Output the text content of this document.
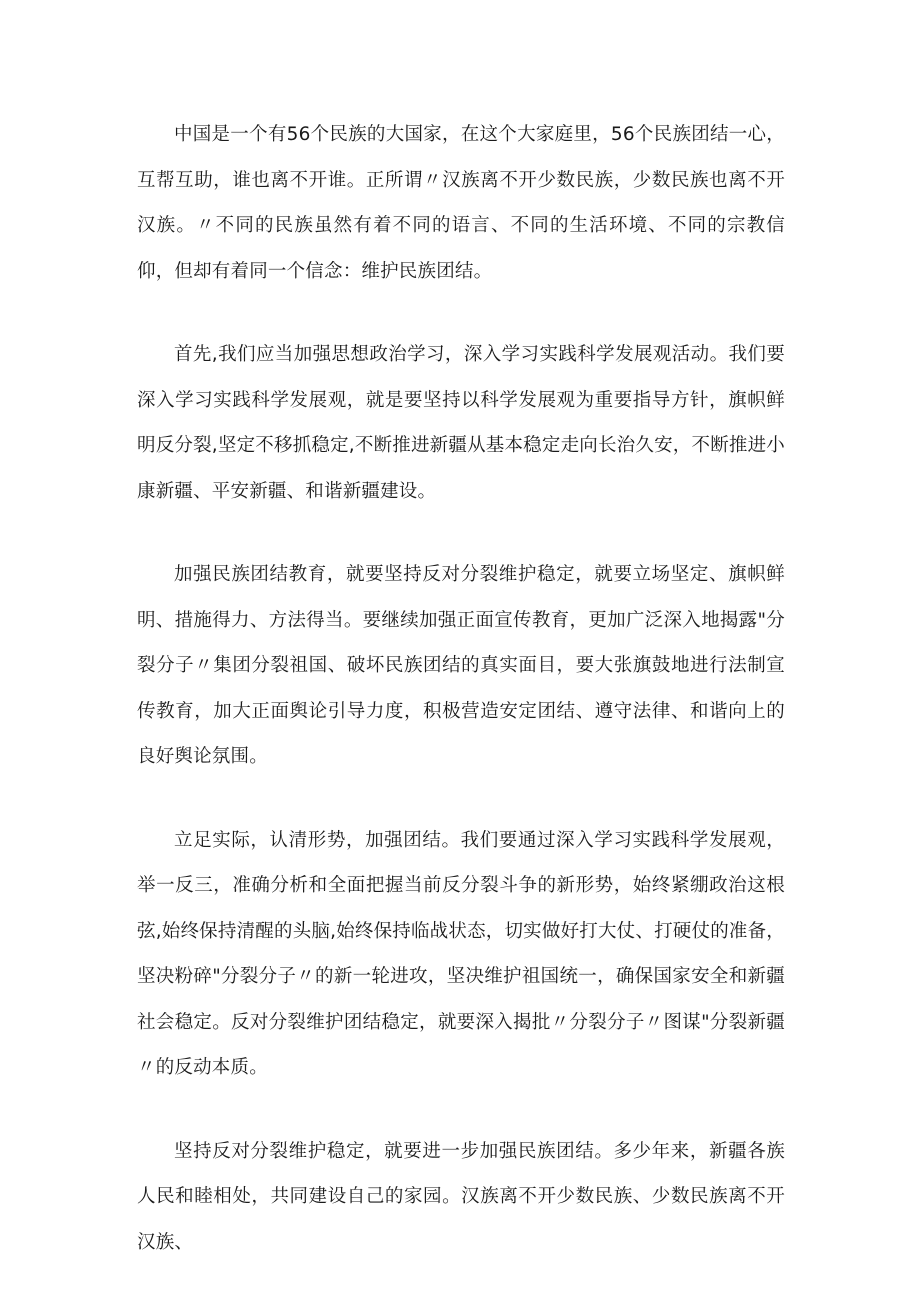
中国是一个有56个民族的大国家，在这个大家庭里，56个民族团结一心，互帮互助，谁也离不开谁。正所谓〃汉族离不开少数民族，少数民族也离不开汉族。〃不同的民族虽然有着不同的语言、不同的生活环境、不同的宗教信仰，但却有着同一个信念：维护民族团结。

首先,我们应当加强思想政治学习，深入学习实践科学发展观活动。我们要深入学习实践科学发展观，就是要坚持以科学发展观为重要指导方针，旗帜鲜明反分裂,坚定不移抓稳定,不断推进新疆从基本稳定走向长治久安，不断推进小康新疆、平安新疆、和谐新疆建设。

加强民族团结教育，就要坚持反对分裂维护稳定，就要立场坚定、旗帜鲜明、措施得力、方法得当。要继续加强正面宣传教育，更加广泛深入地揭露"分裂分子〃集团分裂祖国、破坏民族团结的真实面目，要大张旗鼓地进行法制宣传教育，加大正面舆论引导力度，积极营造安定团结、遵守法律、和谐向上的良好舆论氛围。

立足实际，认清形势，加强团结。我们要通过深入学习实践科学发展观，举一反三，准确分析和全面把握当前反分裂斗争的新形势，始终紧绷政治这根弦,始终保持清醒的头脑,始终保持临战状态，切实做好打大仗、打硬仗的准备，坚决粉碎"分裂分子〃的新一轮进攻，坚决维护祖国统一，确保国家安全和新疆社会稳定。反对分裂维护团结稳定，就要深入揭批〃分裂分子〃图谋"分裂新疆〃的反动本质。

坚持反对分裂维护稳定，就要进一步加强民族团结。多少年来，新疆各族人民和睦相处，共同建设自己的家园。汉族离不开少数民族、少数民族离不开汉族、
